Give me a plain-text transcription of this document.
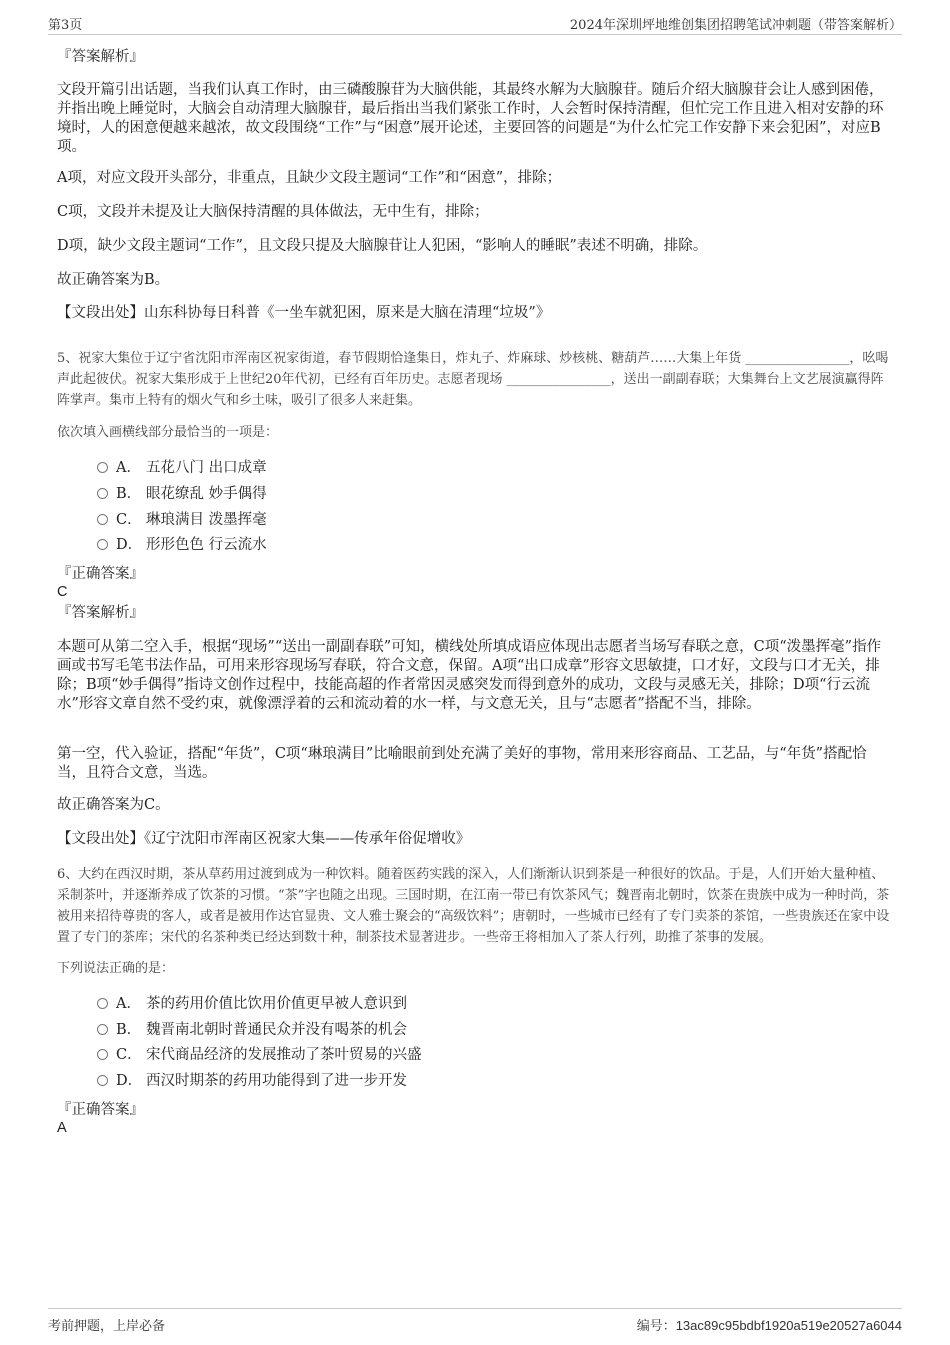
第3页	2024年深圳坪地维创集团招聘笔试冲刺题（带答案解析）

『答案解析』

文段开篇引出话题，当我们认真工作时，由三磷酸腺苷为大脑供能，其最终水解为大脑腺苷。随后介绍大脑腺苷会让人感到困倦，并指出晚上睡觉时，大脑会自动清理大脑腺苷，最后指出当我们紧张工作时，人会暂时保持清醒，但忙完工作且进入相对安静的环境时，人的困意便越来越浓，故文段围绕“工作”与“困意”展开论述，主要回答的问题是“为什么忙完工作安静下来会犯困”，对应B项。

A项，对应文段开头部分，非重点，且缺少文段主题词“工作”和“困意”，排除；

C项，文段并未提及让大脑保持清醒的具体做法，无中生有，排除；

D项，缺少文段主题词“工作”，且文段只提及大脑腺苷让人犯困，“影响人的睡眠”表述不明确，排除。

故正确答案为B。

【文段出处】山东科协每日科普《一坐车就犯困，原来是大脑在清理“垃圾”》

5、祝家大集位于辽宁省沈阳市浑南区祝家街道，春节假期恰逢集日，炸丸子、炸麻球、炒核桃、糖葫芦……大集上年货 ________________，吆喝声此起彼伏。祝家大集形成于上世纪20年代初，已经有百年历史。志愿者现场 ________________，送出一副副春联；大集舞台上文艺展演赢得阵阵掌声。集市上特有的烟火气和乡土味，吸引了很多人来赶集。

依次填入画横线部分最恰当的一项是：

A． 五花八门 出口成章
B． 眼花缭乱 妙手偶得
C． 琳琅满目 泼墨挥毫
D． 形形色色 行云流水

『正确答案』

C

『答案解析』

本题可从第二空入手，根据“现场”“送出一副副春联”可知，横线处所填成语应体现出志愿者当场写春联之意，C项“泼墨挥毫”指作画或书写毛笔书法作品，可用来形容现场写春联，符合文意，保留。A项“出口成章”形容文思敏捷，口才好，文段与口才无关，排除；B项“妙手偶得”指诗文创作过程中，技能高超的作者常因灵感突发而得到意外的成功，文段与灵感无关，排除；D项“行云流水”形容文章自然不受约束，就像漂浮着的云和流动着的水一样，与文意无关，且与“志愿者”搭配不当，排除。

第一空，代入验证，搭配“年货”，C项“琳琅满目”比喻眼前到处充满了美好的事物，常用来形容商品、工艺品，与“年货”搭配恰当，且符合文意，当选。

故正确答案为C。

【文段出处】《辽宁沈阳市浑南区祝家大集——传承年俗促增收》

6、大约在西汉时期，茶从草药用过渡到成为一种饮料。随着医药实践的深入，人们渐渐认识到茶是一种很好的饮品。于是，人们开始大量种植、采制茶叶，并逐渐养成了饮茶的习惯。“茶”字也随之出现。三国时期，在江南一带已有饮茶风气；魏晋南北朝时，饮茶在贵族中成为一种时尚，茶被用来招待尊贵的客人，或者是被用作达官显贵、文人雅士聚会的“高级饮料”；唐朝时，一些城市已经有了专门卖茶的茶馆，一些贵族还在家中设置了专门的茶库；宋代的名茶种类已经达到数十种，制茶技术显著进步。一些帝王将相加入了茶人行列，助推了茶事的发展。

下列说法正确的是：

A． 茶的药用价值比饮用价值更早被人意识到
B． 魏晋南北朝时普通民众并没有喝茶的机会
C． 宋代商品经济的发展推动了茶叶贸易的兴盛
D． 西汉时期茶的药用功能得到了进一步开发

『正确答案』

A

考前押题，上岸必备	编号：13ac89c95bdbf1920a519e20527a6044
